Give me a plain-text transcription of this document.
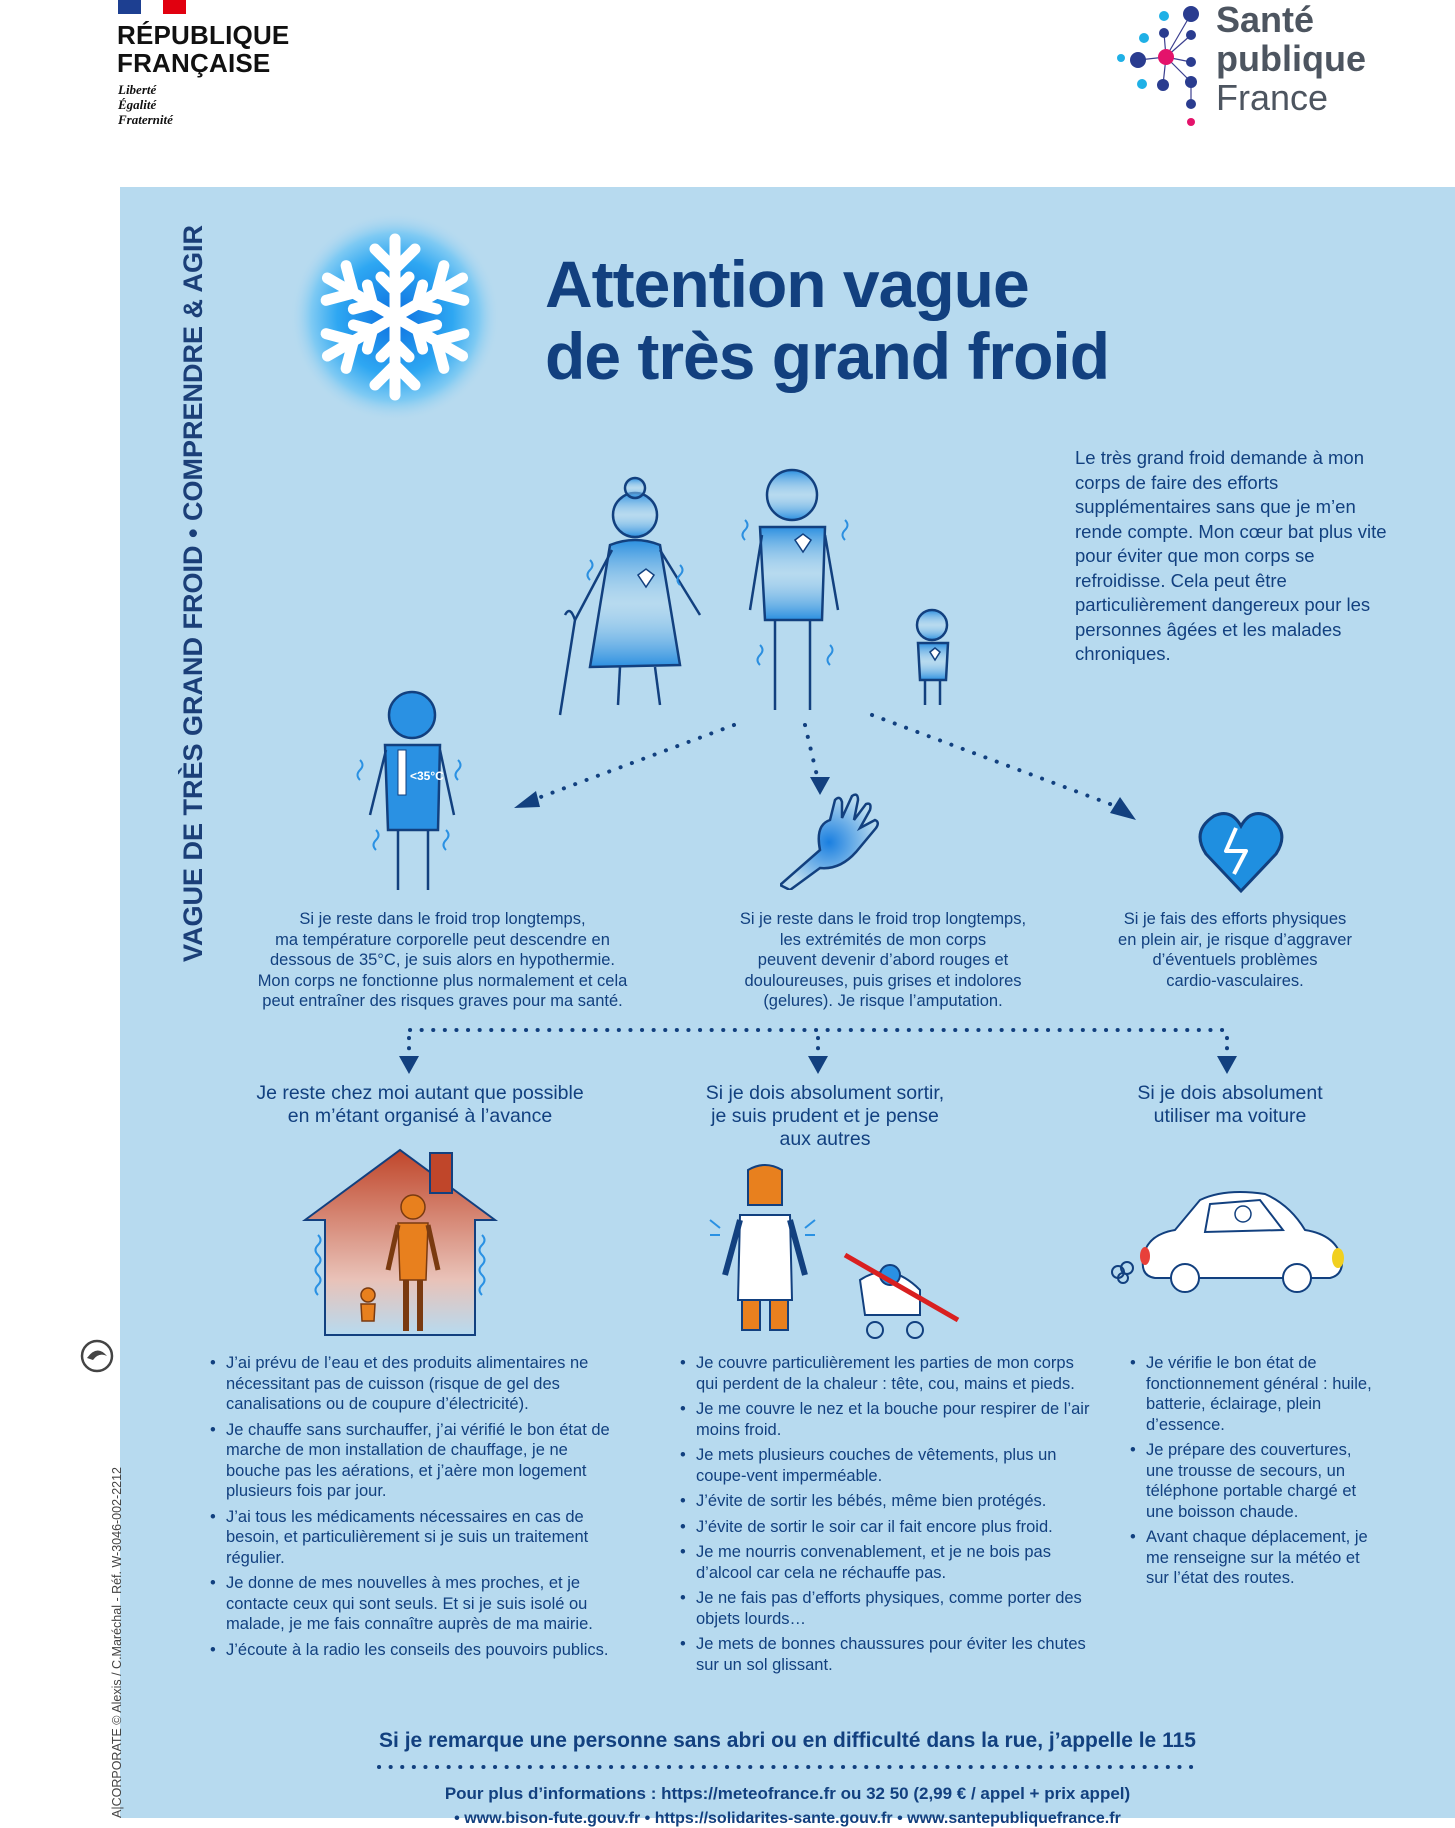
RÉPUBLIQUE
FRANÇAISE
Liberté
Égalité
Fraternité
Santé
publique
France
VAGUE DE TRÈS GRAND FROID • COMPRENDRE & AGIR
A|CORPORATE © Alexis / C.Maréchal - Réf. W-3046-002-2212
Attention vague
de très grand froid
Le très grand froid demande à mon corps de faire des efforts supplémentaires sans que je m’en rende compte. Mon cœur bat plus vite pour éviter que mon corps se refroidisse. Cela peut être particulièrement dangereux pour les personnes âgées et les malades chroniques.
<35°C
Si je reste dans le froid trop longtemps,
ma température corporelle peut descendre en
dessous de 35°C, je suis alors en hypothermie.
Mon corps ne fonctionne plus normalement et cela
peut entraîner des risques graves pour ma santé.
Si je reste dans le froid trop longtemps,
les extrémités de mon corps
peuvent devenir d’abord rouges et
douloureuses, puis grises et indolores
(gelures). Je risque l’amputation.
Si je fais des efforts physiques
en plein air, je risque d’aggraver
d’éventuels problèmes
cardio-vasculaires.
Je reste chez moi autant que possible
en m’étant organisé à l’avance
Si je dois absolument sortir,
je suis prudent et je pense
aux autres
Si je dois absolument
utiliser ma voiture
• J’ai prévu de l’eau et des produits alimentaires ne nécessitant pas de cuisson (risque de gel des canalisations ou de coupure d’électricité).
• Je chauffe sans surchauffer, j’ai vérifié le bon état de marche de mon installation de chauffage, je ne bouche pas les aérations, et j’aère mon logement plusieurs fois par jour.
• J’ai tous les médicaments nécessaires en cas de besoin, et particulièrement si je suis un traitement régulier.
• Je donne de mes nouvelles à mes proches, et je contacte ceux qui sont seuls. Et si je suis isolé ou malade, je me fais connaître auprès de ma mairie.
• J’écoute à la radio les conseils des pouvoirs publics.
• Je couvre particulièrement les parties de mon corps qui perdent de la chaleur : tête, cou, mains et pieds.
• Je me couvre le nez et la bouche pour respirer de l’air moins froid.
• Je mets plusieurs couches de vêtements, plus un coupe-vent imperméable.
• J’évite de sortir les bébés, même bien protégés.
• J’évite de sortir le soir car il fait encore plus froid.
• Je me nourris convenablement, et je ne bois pas d’alcool car cela ne réchauffe pas.
• Je ne fais pas d’efforts physiques, comme porter des objets lourds…
• Je mets de bonnes chaussures pour éviter les chutes sur un sol glissant.
• Je vérifie le bon état de fonctionnement général : huile, batterie, éclairage, plein d’essence.
• Je prépare des couvertures, une trousse de secours, un téléphone portable chargé et une boisson chaude.
• Avant chaque déplacement, je me renseigne sur la météo et sur l’état des routes.
Si je remarque une personne sans abri ou en difficulté dans la rue, j’appelle le 115
Pour plus d’informations : https://meteofrance.fr ou 32 50 (2,99 € / appel + prix appel)
• www.bison-fute.gouv.fr • https://solidarites-sante.gouv.fr • www.santepubliquefrance.fr
